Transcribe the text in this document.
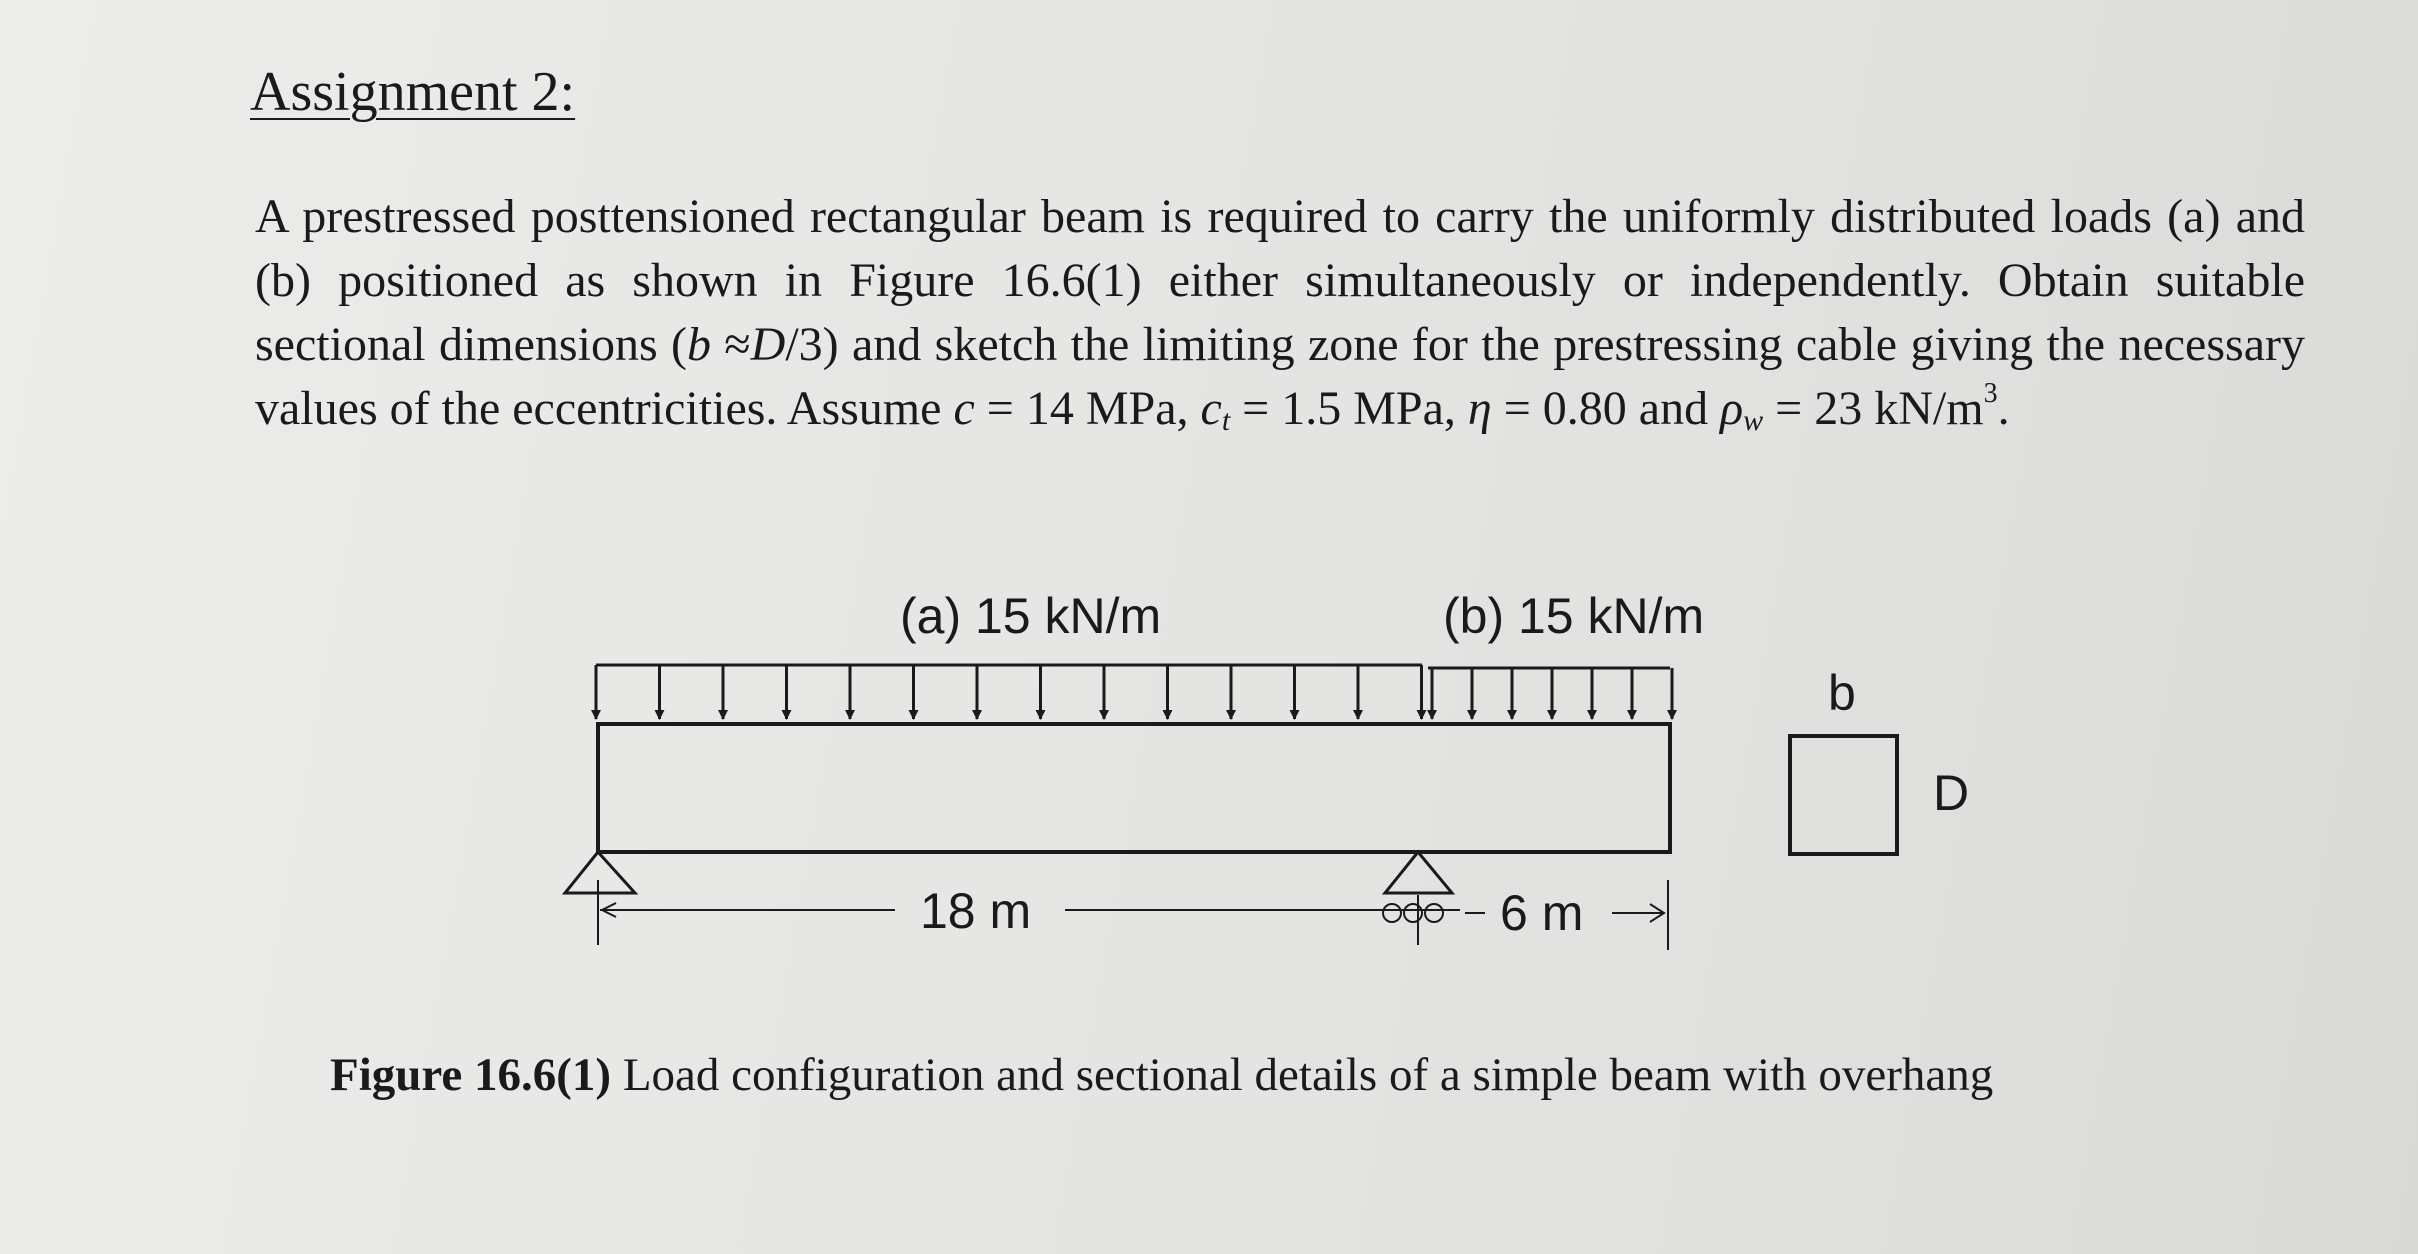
Assignment 2:
A prestressed posttensioned rectangular beam is required to carry the uniformly distributed loads (a) and (b) positioned as shown in Figure 16.6(1) either simultaneously or independently. Obtain suitable sectional dimensions (b ≈D/3) and sketch the limiting zone for the prestressing cable giving the necessary values of the eccentricities. Assume c = 14 MPa, $c_t = 1.5$ MPa, η = 0.80 and $\rho_w = 23$ $kN/m^3$.
(a) 15 kN/m	(b) 15 kN/m
18 m	6 m
b
D
Figure 16.6(1) Load configuration and sectional details of a simple beam with overhang
